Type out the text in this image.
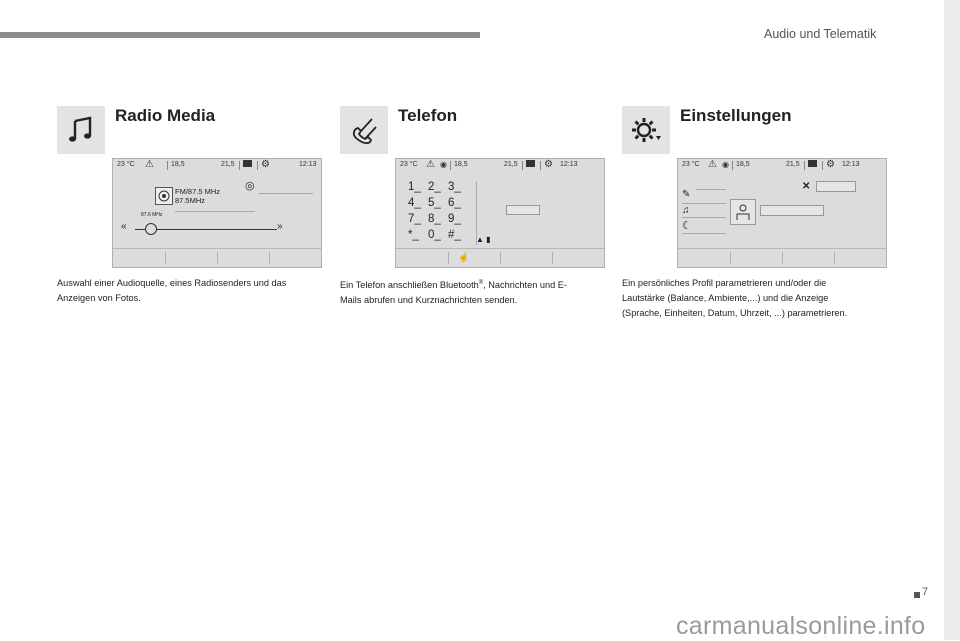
Audio und Telematik
7
carmanualsonline.info
Radio Media
23 °C ⚠ 18,5	21,5	⚙	12:13
FM/87.5 MHz
87.5MHz
◎
87.6 MHz
«	»
Auswahl einer Audioquelle, eines Radiosenders und das Anzeigen von Fotos.
Telefon
23 °C ⚠ ◉ 18,5	21,5	⚙ 12:13
1_ 2_ 3_
4_ 5_ 6_
7_ 8_ 9_
*_ 0_ #_ ▲ ▮
☝
Ein Telefon anschließen Bluetooth®, Nachrichten und E-Mails abrufen und Kurznachrichten senden.
Einstellungen
23 °C ⚠ ◉ 18,5	21,5	⚙ 12:13
✎
♫
☾
✕
Ein persönliches Profil parametrieren und/oder die Lautstärke (Balance, Ambiente,...) und die Anzeige (Sprache, Einheiten, Datum, Uhrzeit, ...) parametrieren.
